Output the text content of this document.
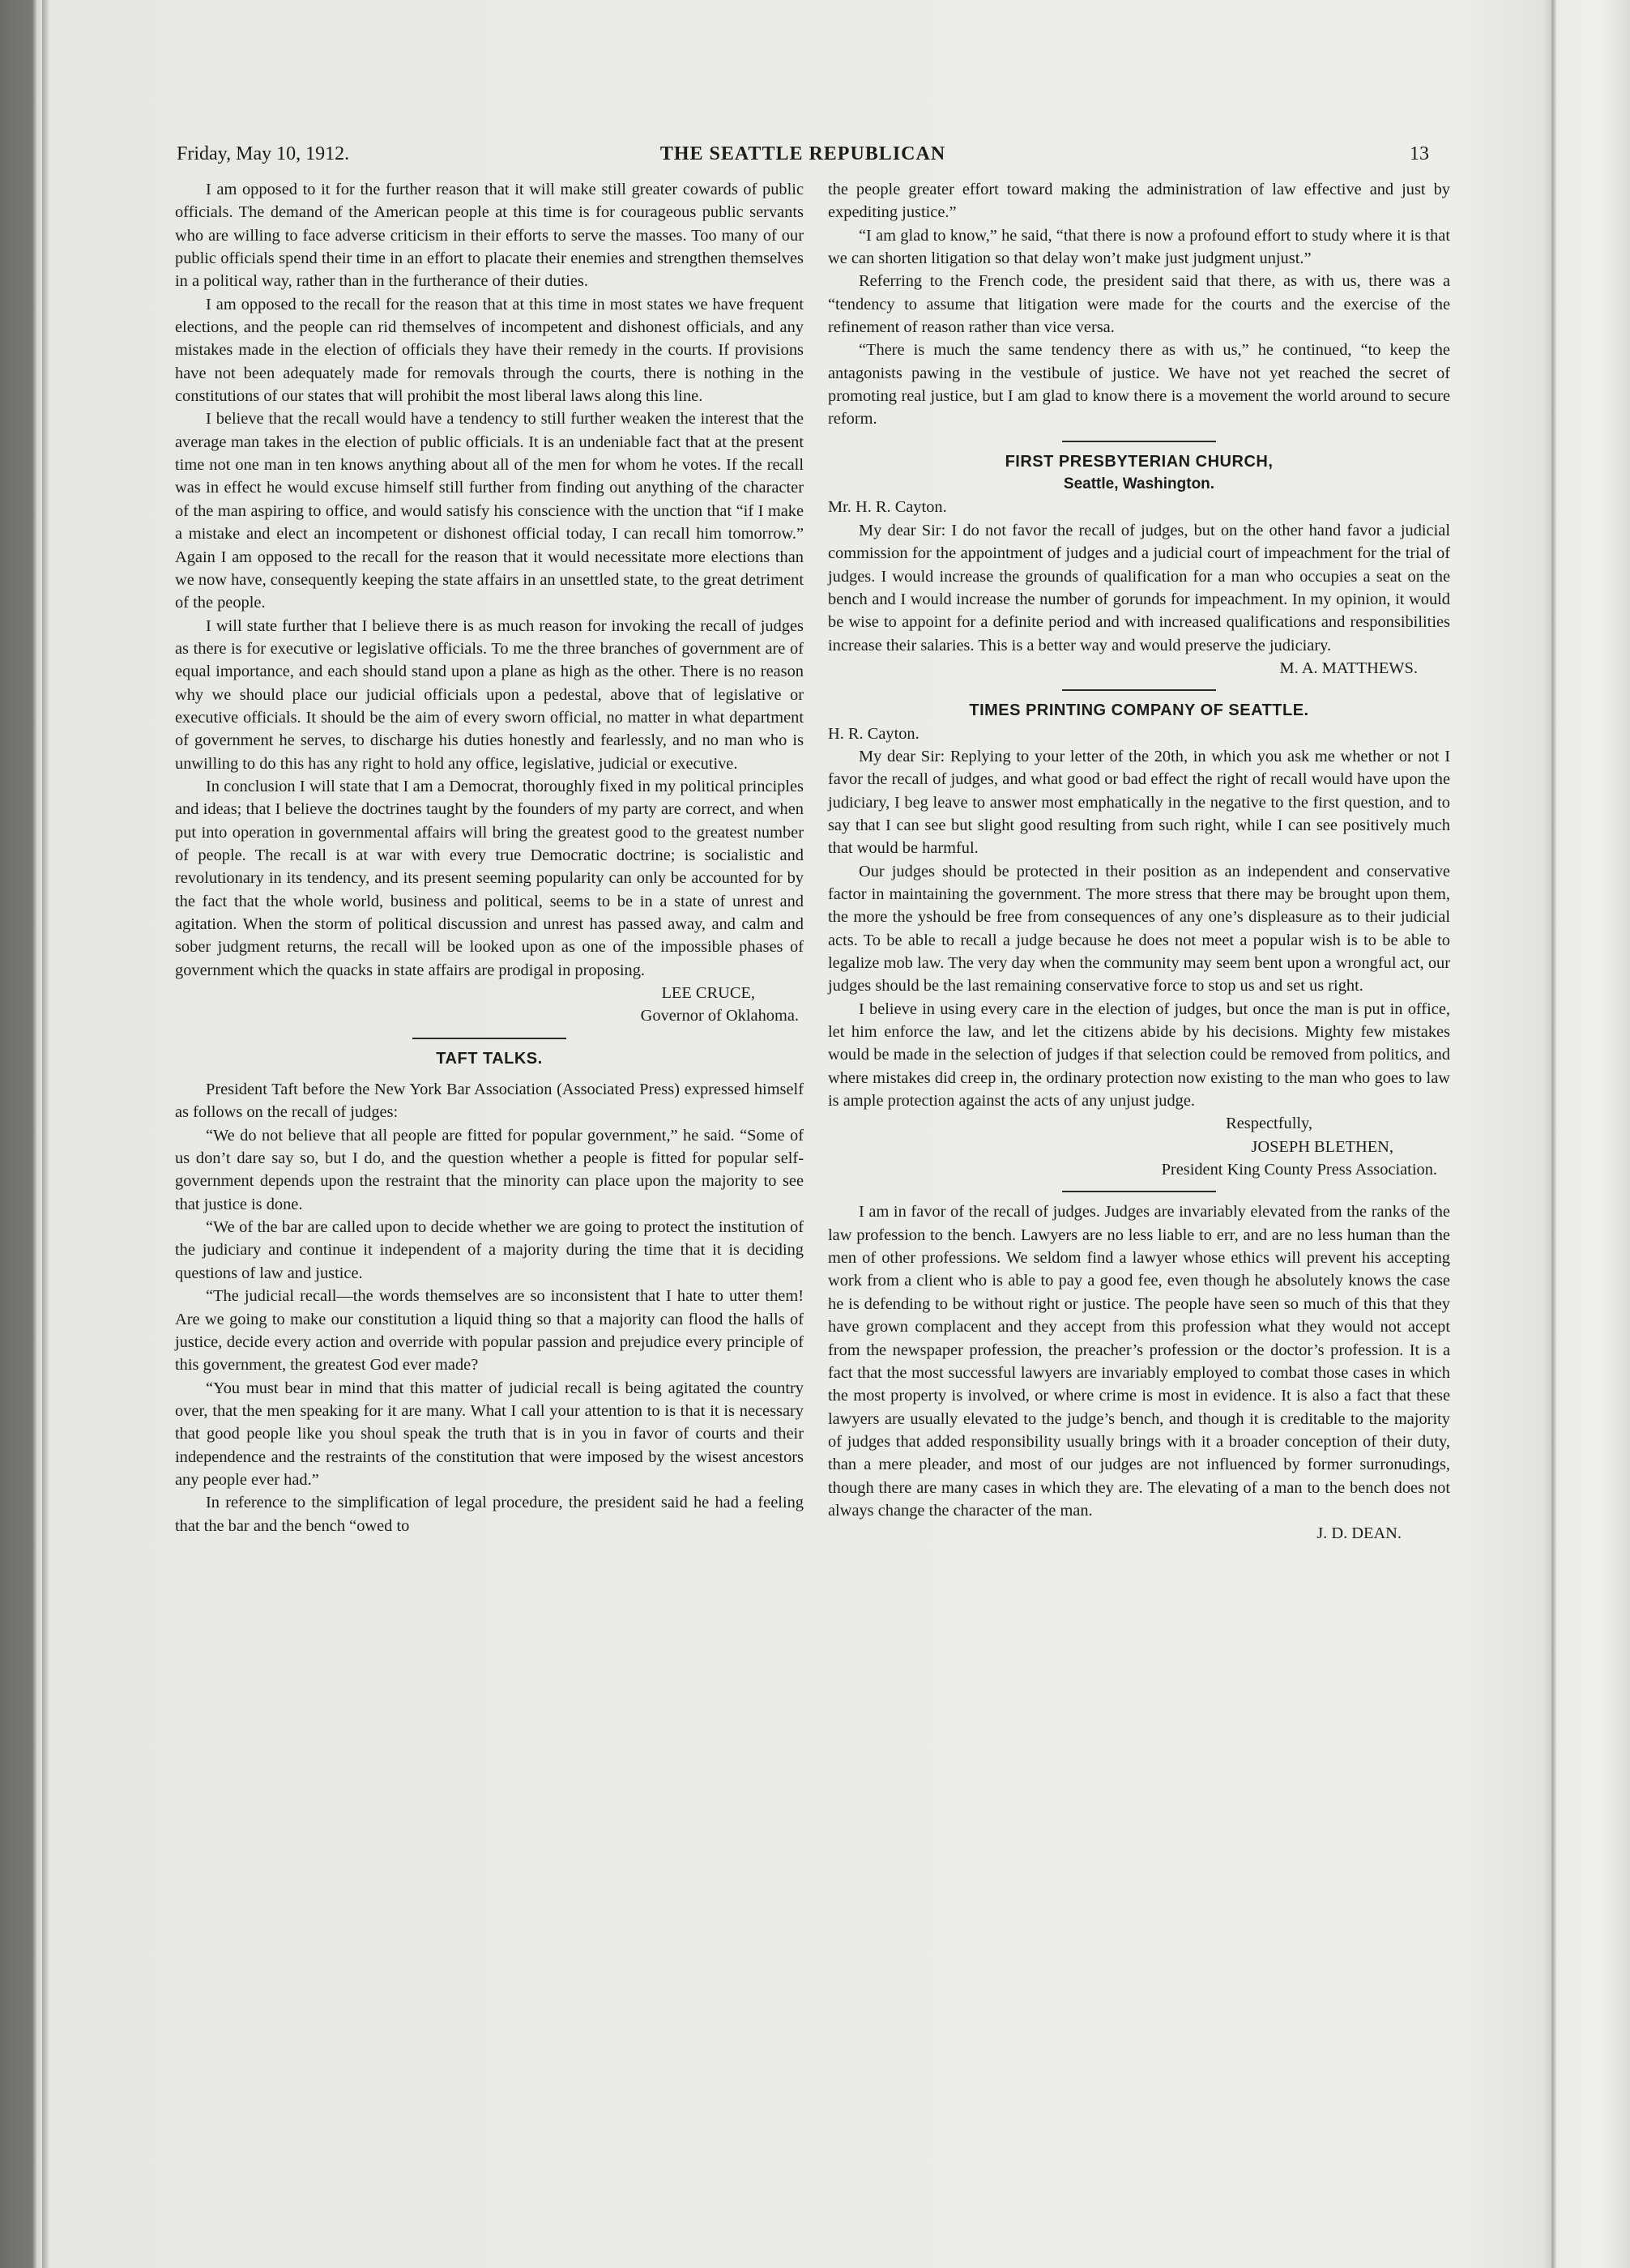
Friday, May 10, 1912.	THE SEATTLE REPUBLICAN	13

I am opposed to it for the further reason that it will make still greater cowards of public officials. The demand of the American people at this time is for courageous public servants who are willing to face adverse criticism in their efforts to serve the masses. Too many of our public officials spend their time in an effort to placate their enemies and strengthen themselves in a political way, rather than in the furtherance of their duties.

I am opposed to the recall for the reason that at this time in most states we have frequent elections, and the people can rid themselves of incompetent and dishonest officials, and any mistakes made in the election of officials they have their remedy in the courts. If provisions have not been adequately made for removals through the courts, there is nothing in the constitutions of our states that will prohibit the most liberal laws along this line.

I believe that the recall would have a tendency to still further weaken the interest that the average man takes in the election of public officials. It is an undeniable fact that at the present time not one man in ten knows anything about all of the men for whom he votes. If the recall was in effect he would excuse himself still further from finding out anything of the character of the man aspiring to office, and would satisfy his conscience with the unction that “if I make a mistake and elect an incompetent or dishonest official today, I can recall him tomorrow.” Again I am opposed to the recall for the reason that it would necessitate more elections than we now have, consequently keeping the state affairs in an unsettled state, to the great detriment of the people.

I will state further that I believe there is as much reason for invoking the recall of judges as there is for executive or legislative officials. To me the three branches of government are of equal importance, and each should stand upon a plane as high as the other. There is no reason why we should place our judicial officials upon a pedestal, above that of legislative or executive officials. It should be the aim of every sworn official, no matter in what department of government he serves, to discharge his duties honestly and fearlessly, and no man who is unwilling to do this has any right to hold any office, legislative, judicial or executive.

In conclusion I will state that I am a Democrat, thoroughly fixed in my political principles and ideas; that I believe the doctrines taught by the founders of my party are correct, and when put into operation in governmental affairs will bring the greatest good to the greatest number of people. The recall is at war with every true Democratic doctrine; is socialistic and revolutionary in its tendency, and its present seeming popularity can only be accounted for by the fact that the whole world, business and political, seems to be in a state of unrest and agitation. When the storm of political discussion and unrest has passed away, and calm and sober judgment returns, the recall will be looked upon as one of the impossible phases of government which the quacks in state affairs are prodigal in proposing.

LEE CRUCE,

Governor of Oklahoma.

TAFT TALKS.

President Taft before the New York Bar Association (Associated Press) expressed himself as follows on the recall of judges:

“We do not believe that all people are fitted for popular government,” he said. “Some of us don’t dare say so, but I do, and the question whether a people is fitted for popular self-government depends upon the restraint that the minority can place upon the majority to see that justice is done.

“We of the bar are called upon to decide whether we are going to protect the institution of the judiciary and continue it independent of a majority during the time that it is deciding questions of law and justice.

“The judicial recall—the words themselves are so inconsistent that I hate to utter them! Are we going to make our constitution a liquid thing so that a majority can flood the halls of justice, decide every action and override with popular passion and prejudice every principle of this government, the greatest God ever made?

“You must bear in mind that this matter of judicial recall is being agitated the country over, that the men speaking for it are many. What I call your attention to is that it is necessary that good people like you shoul speak the truth that is in you in favor of courts and their independence and the restraints of the constitution that were imposed by the wisest ancestors any people ever had.”

In reference to the simplification of legal procedure, the president said he had a feeling that the bar and the bench “owed to

the people greater effort toward making the administration of law effective and just by expediting justice.”

“I am glad to know,” he said, “that there is now a profound effort to study where it is that we can shorten litigation so that delay won’t make just judgment unjust.”

Referring to the French code, the president said that there, as with us, there was a “tendency to assume that litigation were made for the courts and the exercise of the refinement of reason rather than vice versa.

“There is much the same tendency there as with us,” he continued, “to keep the antagonists pawing in the vestibule of justice. We have not yet reached the secret of promoting real justice, but I am glad to know there is a movement the world around to secure reform.

FIRST PRESBYTERIAN CHURCH,

Seattle, Washington.

Mr. H. R. Cayton.

My dear Sir: I do not favor the recall of judges, but on the other hand favor a judicial commission for the appointment of judges and a judicial court of impeachment for the trial of judges. I would increase the grounds of qualification for a man who occupies a seat on the bench and I would increase the number of gorunds for impeachment. In my opinion, it would be wise to appoint for a definite period and with increased qualifications and responsibilities increase their salaries. This is a better way and would preserve the judiciary.

M. A. MATTHEWS.

TIMES PRINTING COMPANY OF SEATTLE.

H. R. Cayton.

My dear Sir: Replying to your letter of the 20th, in which you ask me whether or not I favor the recall of judges, and what good or bad effect the right of recall would have upon the judiciary, I beg leave to answer most emphatically in the negative to the first question, and to say that I can see but slight good resulting from such right, while I can see positively much that would be harmful.

Our judges should be protected in their position as an independent and conservative factor in maintaining the government. The more stress that there may be brought upon them, the more the yshould be free from consequences of any one’s displeasure as to their judicial acts. To be able to recall a judge because he does not meet a popular wish is to be able to legalize mob law. The very day when the community may seem bent upon a wrongful act, our judges should be the last remaining conservative force to stop us and set us right.

I believe in using every care in the election of judges, but once the man is put in office, let him enforce the law, and let the citizens abide by his decisions. Mighty few mistakes would be made in the selection of judges if that selection could be removed from politics, and where mistakes did creep in, the ordinary protection now existing to the man who goes to law is ample protection against the acts of any unjust judge.

Respectfully,

JOSEPH BLETHEN,

President King County Press Association.

I am in favor of the recall of judges. Judges are invariably elevated from the ranks of the law profession to the bench. Lawyers are no less liable to err, and are no less human than the men of other professions. We seldom find a lawyer whose ethics will prevent his accepting work from a client who is able to pay a good fee, even though he absolutely knows the case he is defending to be without right or justice. The people have seen so much of this that they have grown complacent and they accept from this profession what they would not accept from the newspaper profession, the preacher’s profession or the doctor’s profession. It is a fact that the most successful lawyers are invariably employed to combat those cases in which the most property is involved, or where crime is most in evidence. It is also a fact that these lawyers are usually elevated to the judge’s bench, and though it is creditable to the majority of judges that added responsibility usually brings with it a broader conception of their duty, than a mere pleader, and most of our judges are not influenced by former surronudings, though there are many cases in which they are. The elevating of a man to the bench does not always change the character of the man.

J. D. DEAN.
